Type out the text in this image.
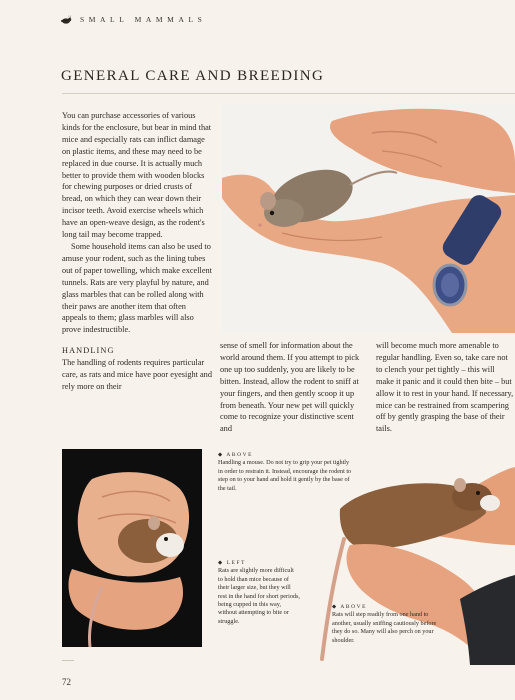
SMALL MAMMALS
GENERAL CARE AND BREEDING

You can purchase accessories of various kinds for the enclosure, but bear in mind that mice and especially rats can inflict damage on plastic items, and these may need to be replaced in due course. It is actually much better to provide them with wooden blocks for chewing purposes or dried crusts of bread, on which they can wear down their incisor teeth. Avoid exercise wheels which have an open-weave design, as the rodent's long tail may become trapped.

Some household items can also be used to amuse your rodent, such as the lining tubes out of paper towelling, which make excellent tunnels. Rats are very playful by nature, and glass marbles that can be rolled along with their paws are another item that often appeals to them; glass marbles will also prove indestructible.

HANDLING

The handling of rodents requires particular care, as rats and mice have poor eyesight and rely more on their

sense of smell for information about the world around them. If you attempt to pick one up too suddenly, you are likely to be bitten. Instead, allow the rodent to sniff at your fingers, and then gently scoop it up from beneath. Your new pet will quickly come to recognize your distinctive scent and

will become much more amenable to regular handling. Even so, take care not to clench your pet tightly – this will make it panic and it could then bite – but allow it to rest in your hand. If necessary, mice can be restrained from scampering off by gently grasping the base of their tails.

◆ ABOVE
Handling a mouse. Do not try to grip your pet tightly in order to restrain it. Instead, encourage the rodent to step on to your hand and hold it gently by the base of the tail.
◆ LEFT
Rats are slightly more difficult to hold than mice because of their larger size, but they will rest in the hand for short periods, being cupped in this way, without attempting to bite or struggle.
◆ ABOVE
Rats will step readily from one hand to another, usually sniffing cautiously before they do so. Many will also perch on your shoulder.
72
